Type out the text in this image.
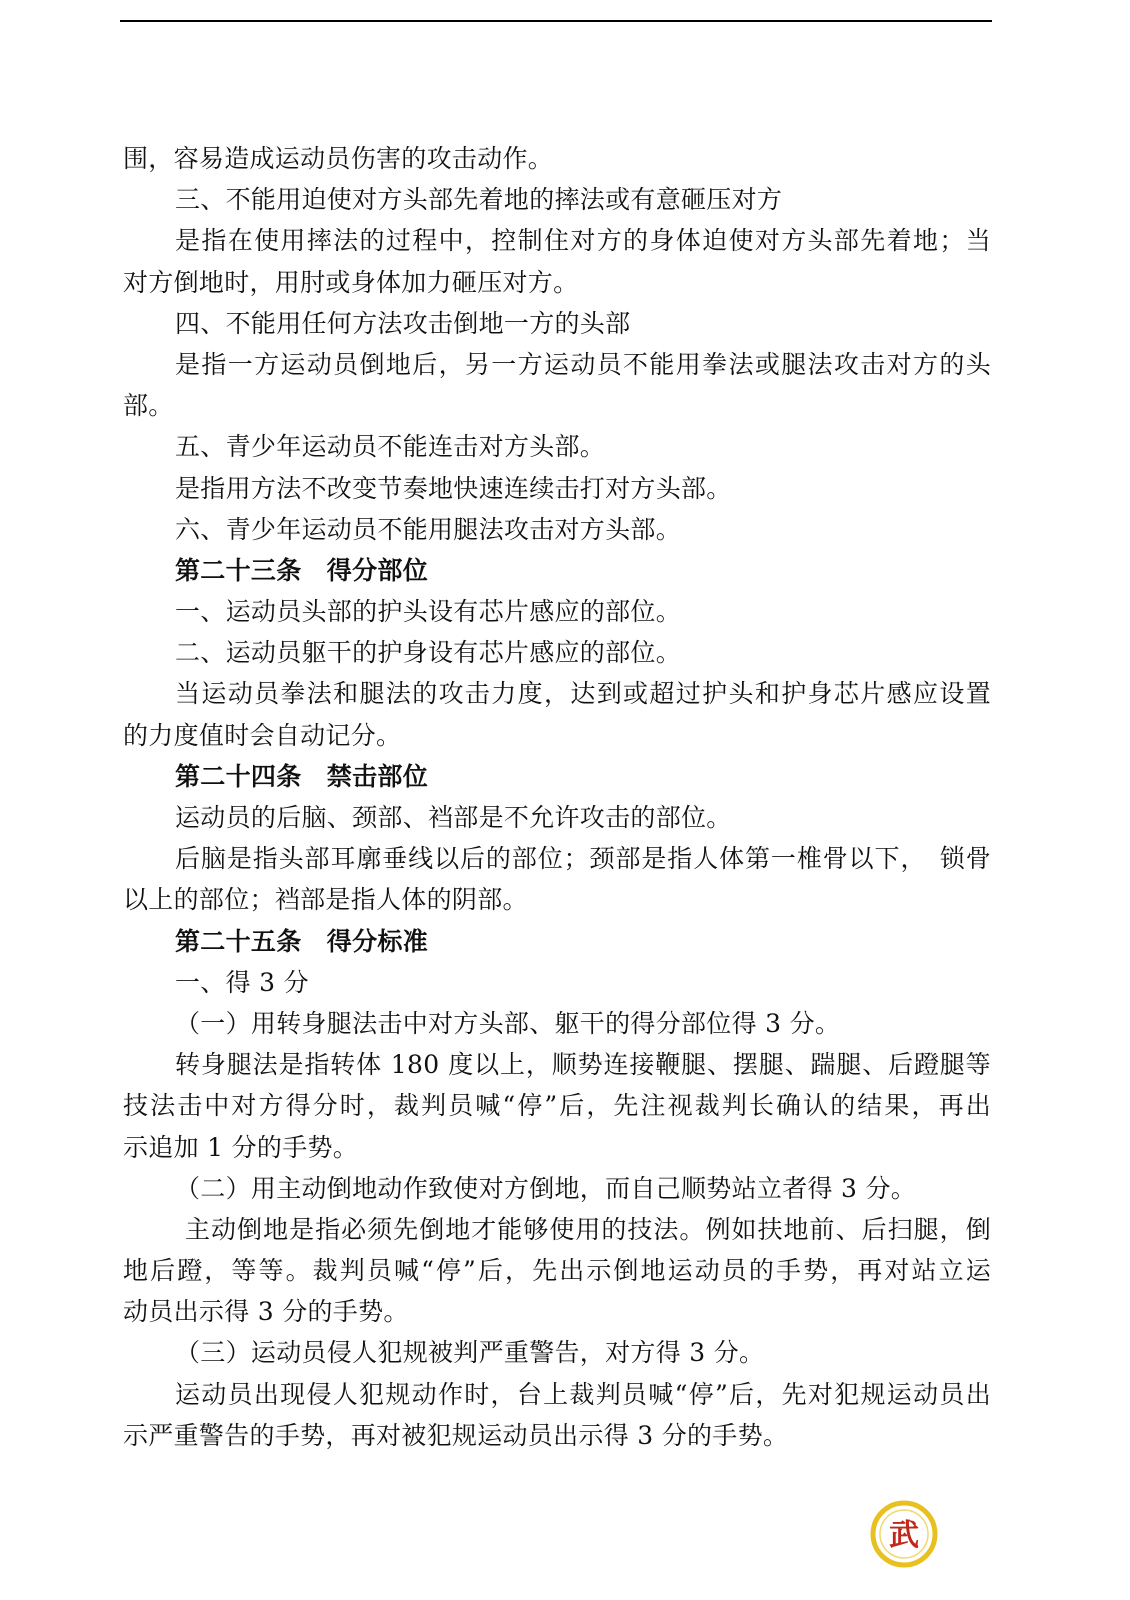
围，容易造成运动员伤害的攻击动作。
三、不能用迫使对方头部先着地的摔法或有意砸压对方
是指在使用摔法的过程中，控制住对方的身体迫使对方头部先着地；当
对方倒地时，用肘或身体加力砸压对方。
四、不能用任何方法攻击倒地一方的头部
是指一方运动员倒地后，另一方运动员不能用拳法或腿法攻击对方的头
部。
五、青少年运动员不能连击对方头部。
是指用方法不改变节奏地快速连续击打对方头部。
六、青少年运动员不能用腿法攻击对方头部。
第二十三条　得分部位
一、运动员头部的护头设有芯片感应的部位。
二、运动员躯干的护身设有芯片感应的部位。
当运动员拳法和腿法的攻击力度，达到或超过护头和护身芯片感应设置
的力度值时会自动记分。
第二十四条　禁击部位
运动员的后脑、颈部、裆部是不允许攻击的部位。
后脑是指头部耳廓垂线以后的部位；颈部是指人体第一椎骨以下，　锁骨
以上的部位；裆部是指人体的阴部。
第二十五条　得分标准
一、得 3 分
（一）用转身腿法击中对方头部、躯干的得分部位得 3 分。
转身腿法是指转体 180 度以上，顺势连接鞭腿、摆腿、踹腿、后蹬腿等
技法击中对方得分时，裁判员喊“停”后，先注视裁判长确认的结果，再出
示追加 1 分的手势。
（二）用主动倒地动作致使对方倒地，而自己顺势站立者得 3 分。
主动倒地是指必须先倒地才能够使用的技法。例如扶地前、后扫腿，倒
地后蹬，等等。裁判员喊“停”后，先出示倒地运动员的手势，再对站立运
动员出示得 3 分的手势。
（三）运动员侵人犯规被判严重警告，对方得 3 分。
运动员出现侵人犯规动作时，台上裁判员喊“停”后，先对犯规运动员出
示严重警告的手势，再对被犯规运动员出示得 3 分的手势。
武
